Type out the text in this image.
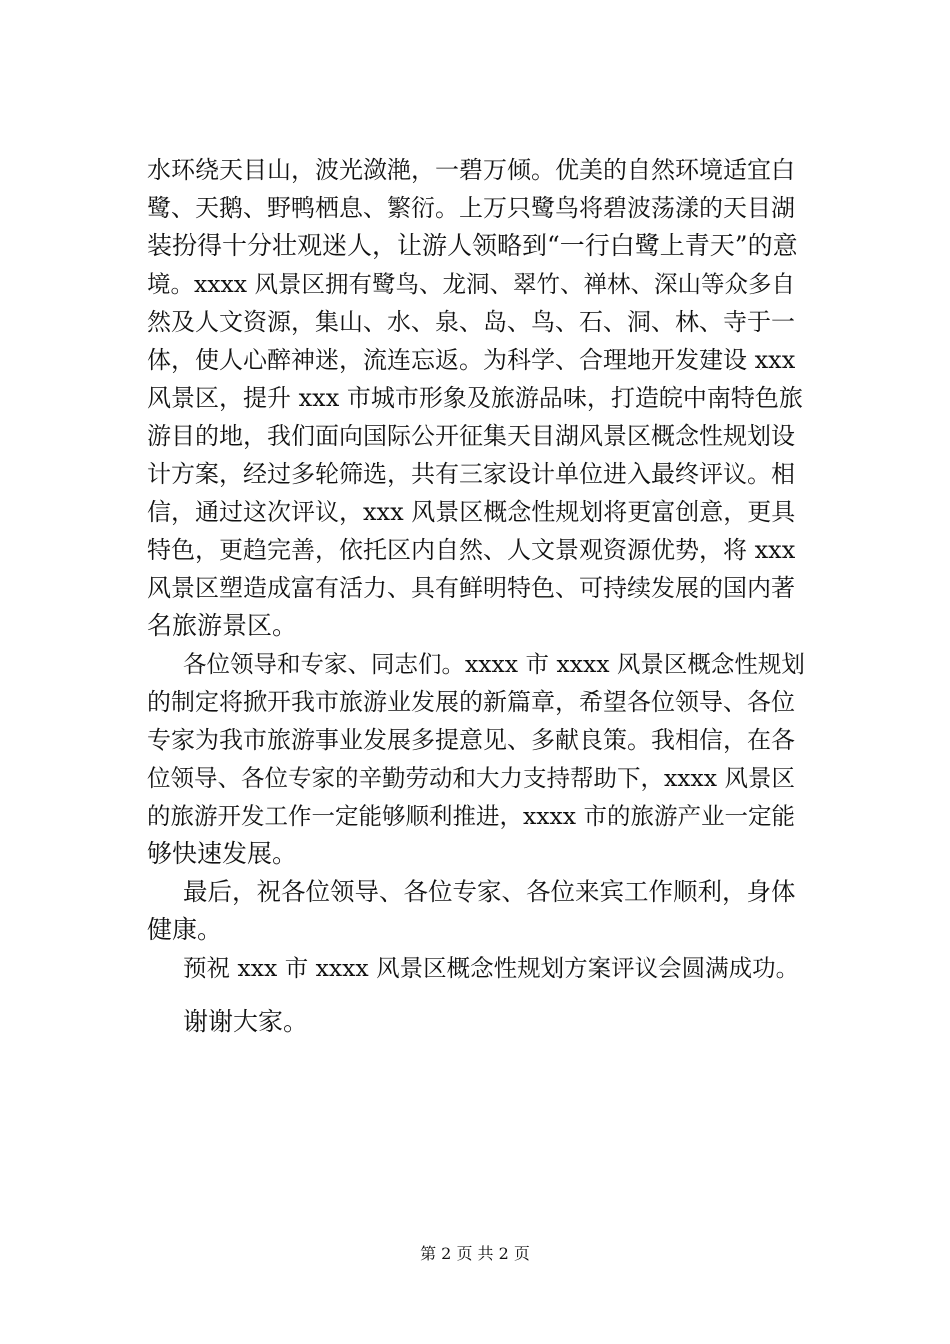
水环绕天目山，波光潋滟，一碧万倾。优美的自然环境适宜白
鹭、天鹅、野鸭栖息、繁衍。上万只鹭鸟将碧波荡漾的天目湖
装扮得十分壮观迷人，让游人领略到“一行白鹭上青天”的意
境。xxxx 风景区拥有鹭鸟、龙洞、翠竹、禅林、深山等众多自
然及人文资源，集山、水、泉、岛、鸟、石、洞、林、寺于一
体，使人心醉神迷，流连忘返。为科学、合理地开发建设 xxx
风景区，提升 xxx 市城市形象及旅游品味，打造皖中南特色旅
游目的地，我们面向国际公开征集天目湖风景区概念性规划设
计方案，经过多轮筛选，共有三家设计单位进入最终评议。相
信，通过这次评议，xxx 风景区概念性规划将更富创意，更具
特色，更趋完善，依托区内自然、人文景观资源优势，将 xxx
风景区塑造成富有活力、具有鲜明特色、可持续发展的国内著
名旅游景区。
各位领导和专家、同志们。xxxx 市 xxxx 风景区概念性规划
的制定将掀开我市旅游业发展的新篇章，希望各位领导、各位
专家为我市旅游事业发展多提意见、多献良策。我相信，在各
位领导、各位专家的辛勤劳动和大力支持帮助下，xxxx 风景区
的旅游开发工作一定能够顺利推进，xxxx 市的旅游产业一定能
够快速发展。
最后，祝各位领导、各位专家、各位来宾工作顺利，身体
健康。
预祝 xxx 市 xxxx 风景区概念性规划方案评议会圆满成功。
谢谢大家。
第 2 页 共 2 页
